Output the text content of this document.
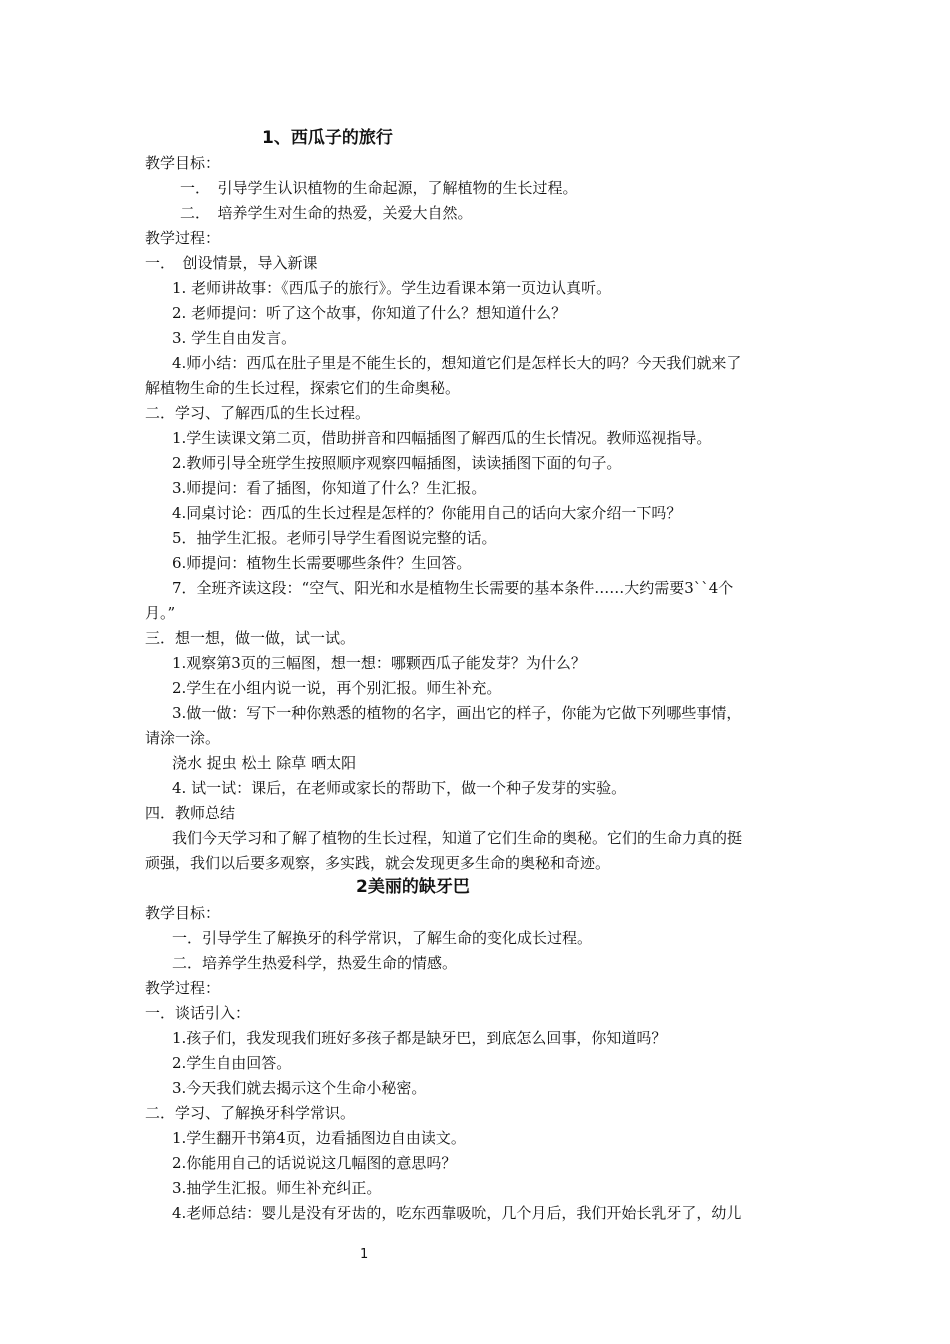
1、西瓜子的旅行
教学目标：
一．　引导学生认识植物的生命起源，了解植物的生长过程。
二．　培养学生对生命的热爱，关爱大自然。
教学过程：
一．　创设情景，导入新课
1. 老师讲故事：《西瓜子的旅行》。学生边看课本第一页边认真听。
2. 老师提问：听了这个故事，你知道了什么？想知道什么？
3. 学生自由发言。
4.师小结：西瓜在肚子里是不能生长的，想知道它们是怎样长大的吗？今天我们就来了
解植物生命的生长过程，探索它们的生命奥秘。
二．学习、了解西瓜的生长过程。
1.学生读课文第二页，借助拼音和四幅插图了解西瓜的生长情况。教师巡视指导。
2.教师引导全班学生按照顺序观察四幅插图，读读插图下面的句子。
3.师提问：看了插图，你知道了什么？生汇报。
4.同桌讨论：西瓜的生长过程是怎样的？你能用自己的话向大家介绍一下吗？
5．抽学生汇报。老师引导学生看图说完整的话。
6.师提问：植物生长需要哪些条件？生回答。
7．全班齐读这段：“空气、阳光和水是植物生长需要的基本条件……大约需要3``4个
月。”
三．想一想，做一做，试一试。
1.观察第3页的三幅图，想一想：哪颗西瓜子能发芽？为什么？
2.学生在小组内说一说，再个别汇报。师生补充。
3.做一做：写下一种你熟悉的植物的名字，画出它的样子，你能为它做下列哪些事情，
请涂一涂。
浇水 捉虫 松土 除草 晒太阳
4. 试一试：课后，在老师或家长的帮助下，做一个种子发芽的实验。
四．教师总结
我们今天学习和了解了植物的生长过程，知道了它们生命的奥秘。它们的生命力真的挺
顽强，我们以后要多观察，多实践，就会发现更多生命的奥秘和奇迹。
2美丽的缺牙巴
教学目标：
一．引导学生了解换牙的科学常识，了解生命的变化成长过程。
二．培养学生热爱科学，热爱生命的情感。
教学过程：
一．谈话引入：
1.孩子们，我发现我们班好多孩子都是缺牙巴，到底怎么回事，你知道吗？
2.学生自由回答。
3.今天我们就去揭示这个生命小秘密。
二．学习、了解换牙科学常识。
1.学生翻开书第4页，边看插图边自由读文。
2.你能用自己的话说说这几幅图的意思吗？
3.抽学生汇报。师生补充纠正。
4.老师总结：婴儿是没有牙齿的，吃东西靠吸吮，几个月后，我们开始长乳牙了，幼儿
1
